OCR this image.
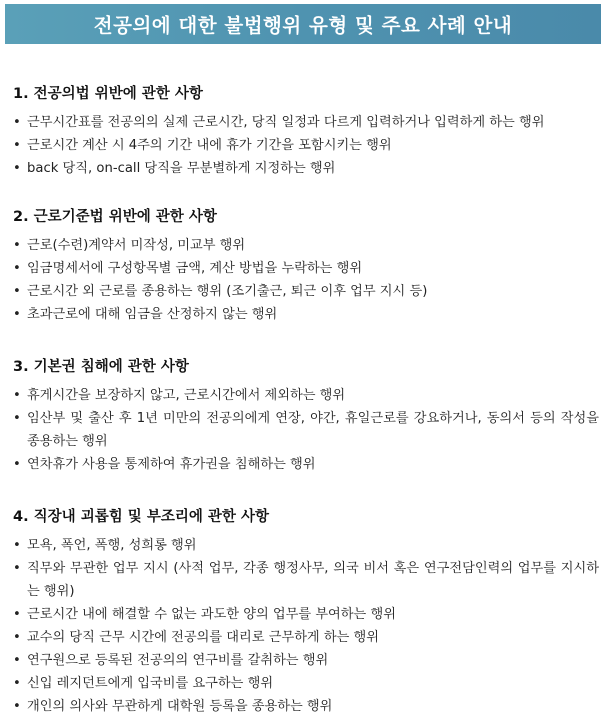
전공의에 대한 불법행위 유형 및 주요 사례 안내
1. 전공의법 위반에 관한 사항
• 근무시간표를 전공의의 실제 근로시간, 당직 일정과 다르게 입력하거나 입력하게 하는 행위
• 근로시간 계산 시 4주의 기간 내에 휴가 기간을 포함시키는 행위
• back 당직, on-call 당직을 무분별하게 지정하는 행위
2. 근로기준법 위반에 관한 사항
• 근로(수련)계약서 미작성, 미교부 행위
• 임금명세서에 구성항목별 금액, 계산 방법을 누락하는 행위
• 근로시간 외 근로를 종용하는 행위 (조기출근, 퇴근 이후 업무 지시 등)
• 초과근로에 대해 임금을 산정하지 않는 행위
3. 기본권 침해에 관한 사항
• 휴게시간을 보장하지 않고, 근로시간에서 제외하는 행위
• 임산부 및 출산 후 1년 미만의 전공의에게 연장, 야간, 휴일근로를 강요하거나, 동의서 등의 작성을 종용하는 행위
• 연차휴가 사용을 통제하여 휴가권을 침해하는 행위
4. 직장내 괴롭힘 및 부조리에 관한 사항
• 모욕, 폭언, 폭행, 성희롱 행위
• 직무와 무관한 업무 지시 (사적 업무, 각종 행정사무, 의국 비서 혹은 연구전담인력의 업무를 지시하는 행위)
• 근로시간 내에 해결할 수 없는 과도한 양의 업무를 부여하는 행위
• 교수의 당직 근무 시간에 전공의를 대리로 근무하게 하는 행위
• 연구원으로 등록된 전공의의 연구비를 갈취하는 행위
• 신입 레지던트에게 입국비를 요구하는 행위
• 개인의 의사와 무관하게 대학원 등록을 종용하는 행위
